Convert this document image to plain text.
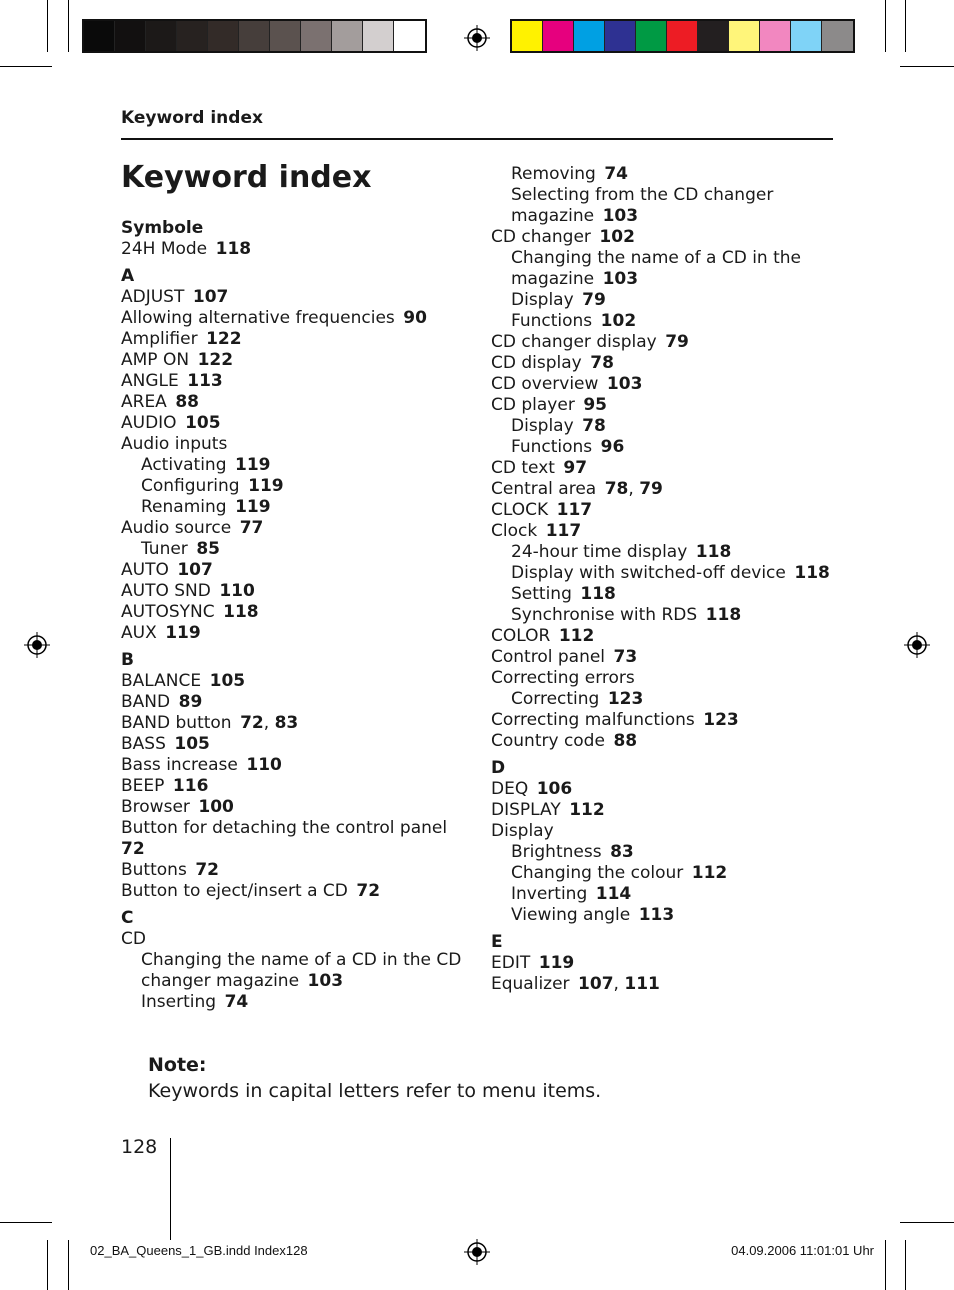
Keyword index
Keyword index
Symbole
24H Mode  118
A
ADJUST  107
Allowing alternative frequencies  90
Amplifier  122
AMP ON  122
ANGLE  113
AREA  88
AUDIO  105
Audio inputs
Activating  119
Configuring  119
Renaming  119
Audio source  77
Tuner  85
AUTO  107
AUTO SND  110
AUTOSYNC  118
AUX  119
B
BALANCE  105
BAND  89
BAND button  72, 83
BASS  105
Bass increase  110
BEEP  116
Browser  100
Button for detaching the control panel 72
Buttons  72
Button to eject/insert a CD  72
C
CD
Changing the name of a CD in the CD changer magazine  103
Inserting  74
Removing  74
Selecting from the CD changer magazine  103
CD changer  102
Changing the name of a CD in the magazine  103
Display  79
Functions  102
CD changer display  79
CD display  78
CD overview  103
CD player  95
Display  78
Functions  96
CD text  97
Central area  78, 79
CLOCK  117
Clock  117
24-hour time display  118
Display with switched-off device  118
Setting  118
Synchronise with RDS  118
COLOR  112
Control panel  73
Correcting errors
Correcting  123
Correcting malfunctions  123
Country code  88
D
DEQ  106
DISPLAY  112
Display
Brightness  83
Changing the colour  112
Inverting  114
Viewing angle  113
E
EDIT  119
Equalizer  107, 111
Note:
Keywords in capital letters refer to menu items.
128
02_BA_Queens_1_GB.indd Index128	04.09.2006 11:01:01 Uhr
